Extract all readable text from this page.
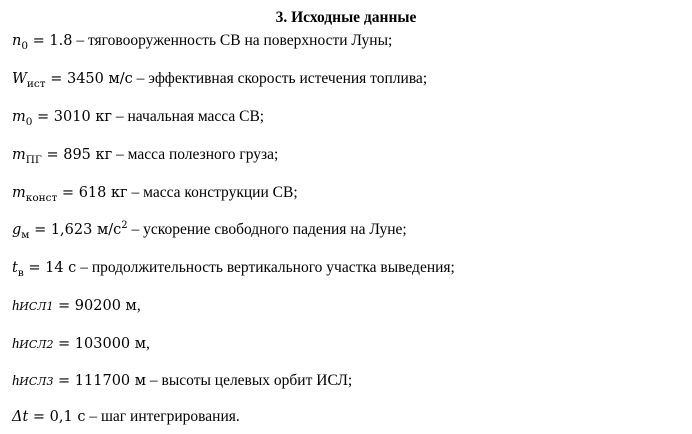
3. Исходные данные
$n_0 = 1.8$ – тяговооруженность СВ на поверхности Луны;
$W_{ист} = 3450$ м/с – эффективная скорость истечения топлива;
$m_0 = 3010$ кг – начальная масса СВ;
$m_{ПГ} = 895$ кг – масса полезного груза;
$m_{конст} = 618$ кг – масса конструкции СВ;
$g_м = 1,623$ $м/с^2$ – ускорение свободного падения на Луне;
$t_в = 14$ с – продолжительность вертикального участка выведения;
hИСЛ1 = 90200 м,
hИСЛ2 = 103000 м,
hИСЛ3 = 111700 м – высоты целевых орбит ИСЛ;
Δt = 0,1 с – шаг интегрирования.
